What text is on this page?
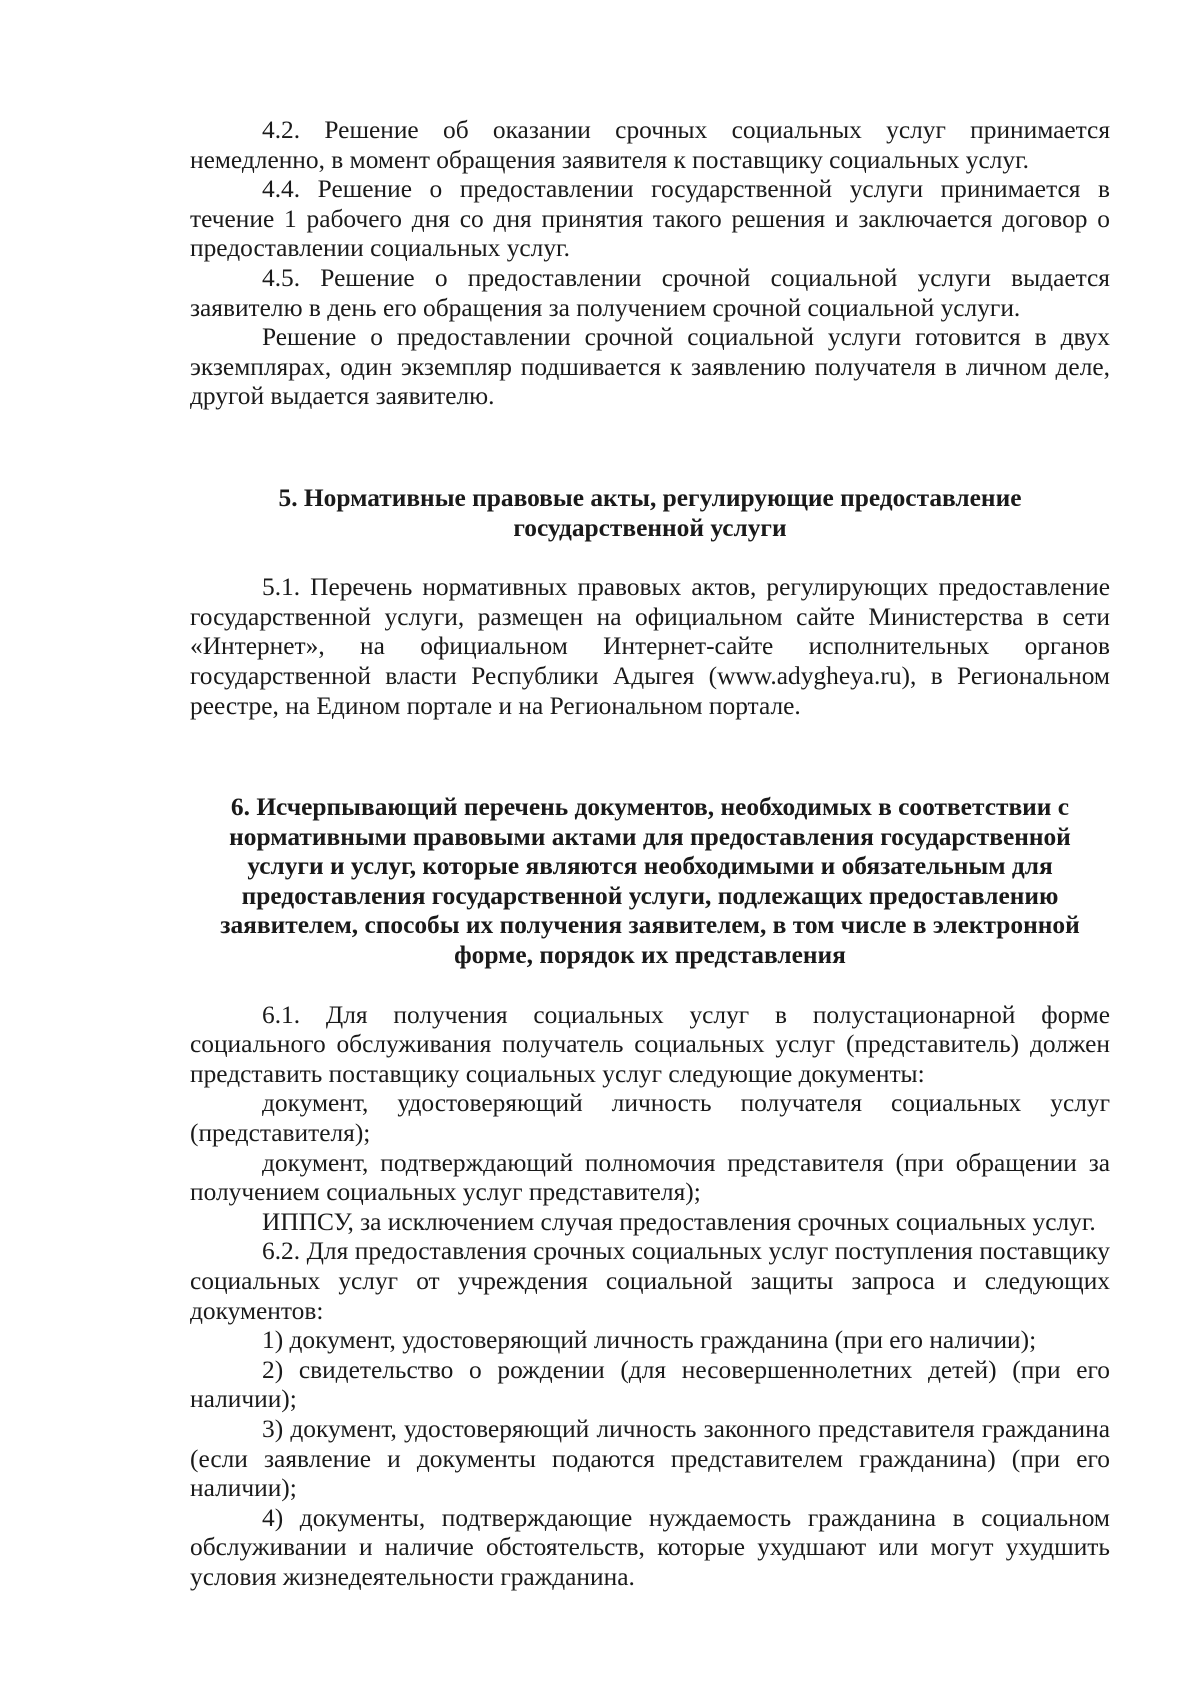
4.2. Решение об оказании срочных социальных услуг принимается немедленно, в момент обращения заявителя к поставщику социальных услуг.

4.4. Решение о предоставлении государственной услуги принимается в течение 1 рабочего дня со дня принятия такого решения и заключается договор о предоставлении социальных услуг.

4.5. Решение о предоставлении срочной социальной услуги выдается заявителю в день его обращения за получением срочной социальной услуги.

Решение о предоставлении срочной социальной услуги готовится в двух экземплярах, один экземпляр подшивается к заявлению получателя в личном деле, другой выдается заявителю.

5. Нормативные правовые акты, регулирующие предоставление

государственной услуги

5.1. Перечень нормативных правовых актов, регулирующих предоставление государственной услуги, размещен на официальном сайте Министерства в сети «Интернет», на официальном Интернет-сайте исполнительных органов государственной власти Республики Адыгея (www.adygheya.ru), в Региональном реестре, на Едином портале и на Региональном портале.

6. Исчерпывающий перечень документов, необходимых в соответствии с

нормативными правовыми актами для предоставления государственной

услуги и услуг, которые являются необходимыми и обязательным для

предоставления государственной услуги, подлежащих предоставлению

заявителем, способы их получения заявителем, в том числе в электронной

форме, порядок их представления

6.1. Для получения социальных услуг в полустационарной форме социального обслуживания получатель социальных услуг (представитель) должен представить поставщику социальных услуг следующие документы:

документ, удостоверяющий личность получателя социальных услуг (представителя);

документ, подтверждающий полномочия представителя (при обращении за получением социальных услуг представителя);

ИППСУ, за исключением случая предоставления срочных социальных услуг.

6.2. Для предоставления срочных социальных услуг поступления поставщику социальных услуг от учреждения социальной защиты запроса и следующих документов:

1) документ, удостоверяющий личность гражданина (при его наличии);

2) свидетельство о рождении (для несовершеннолетних детей) (при его наличии);

3) документ, удостоверяющий личность законного представителя гражданина (если заявление и документы подаются представителем гражданина) (при его наличии);

4) документы, подтверждающие нуждаемость гражданина в социальном обслуживании и наличие обстоятельств, которые ухудшают или могут ухудшить условия жизнедеятельности гражданина.
